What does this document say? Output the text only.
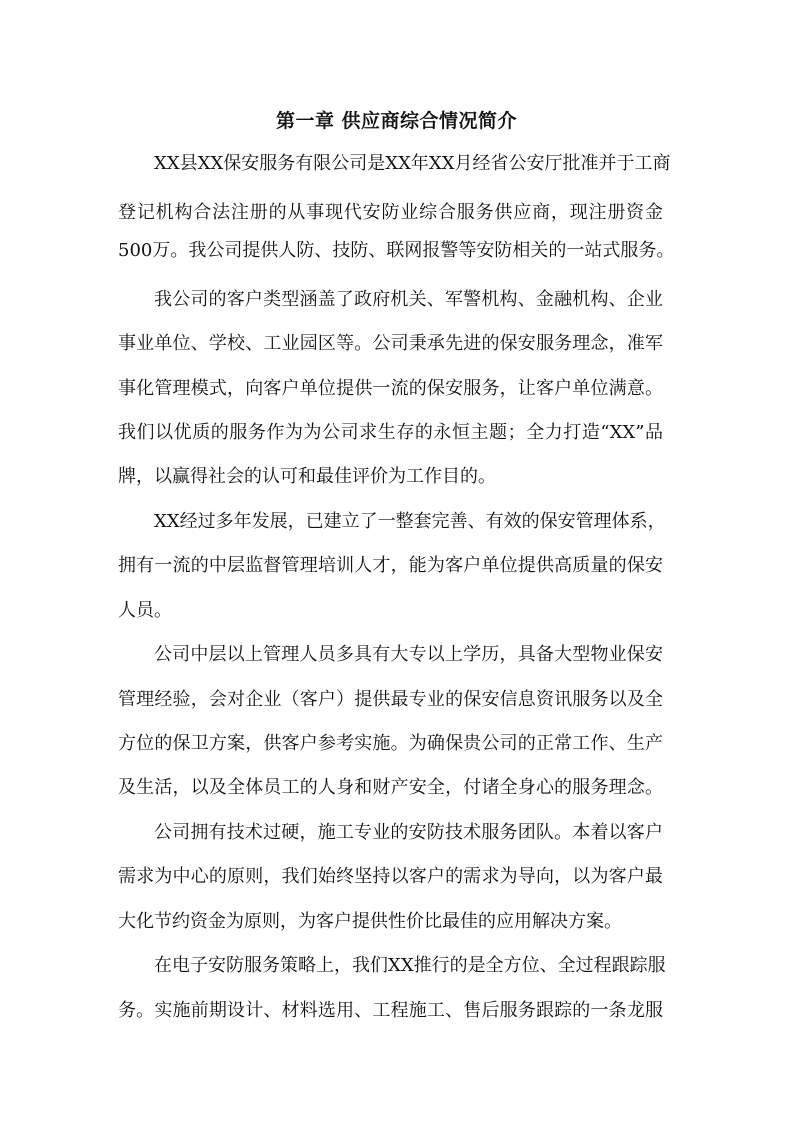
第一章 供应商综合情况简介
XX县XX保安服务有限公司是XX年XX月经省公安厅批准并于工商
登记机构合法注册的从事现代安防业综合服务供应商，现注册资金
500万。我公司提供人防、技防、联网报警等安防相关的一站式服务。
我公司的客户类型涵盖了政府机关、军警机构、金融机构、企业
事业单位、学校、工业园区等。公司秉承先进的保安服务理念，准军
事化管理模式，向客户单位提供一流的保安服务，让客户单位满意。
我们以优质的服务作为为公司求生存的永恒主题；全力打造“XX”品
牌，以赢得社会的认可和最佳评价为工作目的。
XX经过多年发展，已建立了一整套完善、有效的保安管理体系，
拥有一流的中层监督管理培训人才，能为客户单位提供高质量的保安
人员。
公司中层以上管理人员多具有大专以上学历，具备大型物业保安
管理经验，会对企业（客户）提供最专业的保安信息资讯服务以及全
方位的保卫方案，供客户参考实施。为确保贵公司的正常工作、生产
及生活，以及全体员工的人身和财产安全，付诸全身心的服务理念。
公司拥有技术过硬，施工专业的安防技术服务团队。本着以客户
需求为中心的原则，我们始终坚持以客户的需求为导向，以为客户最
大化节约资金为原则，为客户提供性价比最佳的应用解决方案。
在电子安防服务策略上，我们XX推行的是全方位、全过程跟踪服
务。实施前期设计、材料选用、工程施工、售后服务跟踪的一条龙服
